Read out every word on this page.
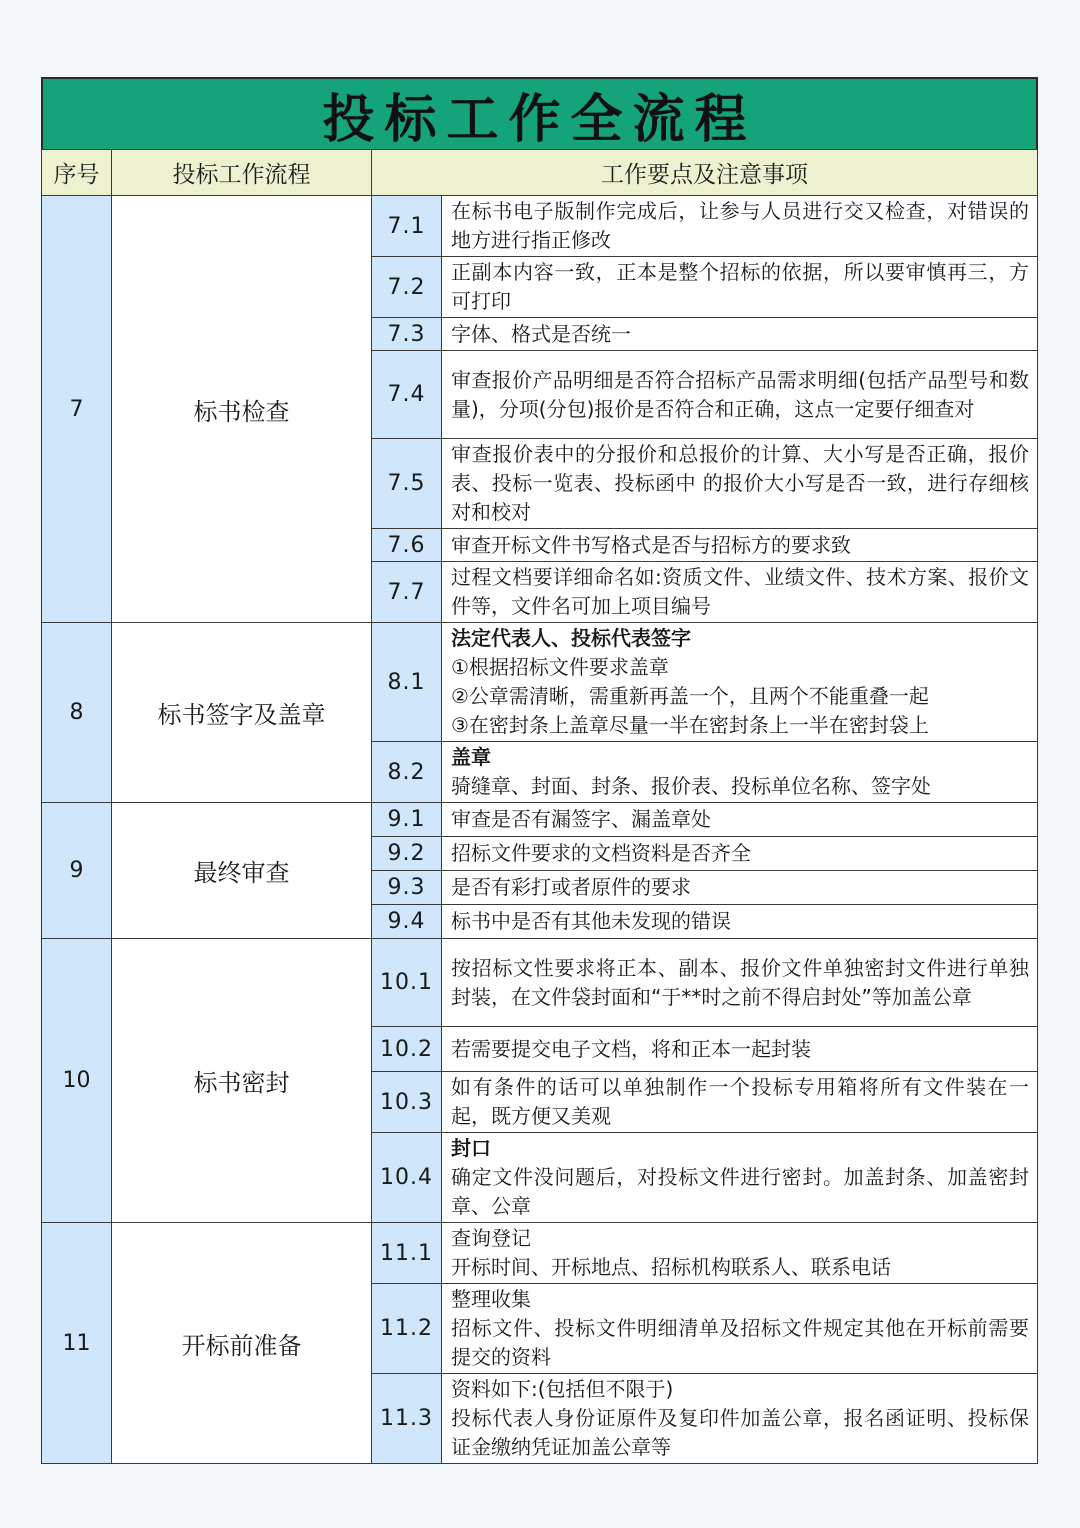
投标工作全流程
序号	投标工作流程	工作要点及注意事项	
7	标书检查	7.1	在标书电子版制作完成后，让参与人员进行交又检查，对错误的地方进行指正修改

		7.2	正副本内容一致，正本是整个招标的依据，所以要审慎再三，方可打印

		7.3	字体、格式是否统一

		7.4	审查报价产品明细是否符合招标产品需求明细(包括产品型号和数量)，分项(分包)报价是否符合和正确，这点一定要仔细查对

		7.5	审查报价表中的分报价和总报价的计算、大小写是否正确，报价表、投标一览表、投标函中 的报价大小写是否一致，进行存细核对和校对

		7.6	审查开标文件书写格式是否与招标方的要求致

		7.7	过程文档要详细命名如:资质文件、业绩文件、技术方案、报价文 件等，文件名可加上项目编号

8	标书签字及盖章	8.1	法定代表人、投标代表签字
①根据招标文件要求盖章
②公章需清晰，需重新再盖一个，且两个不能重叠一起
③在密封条上盖章尽量一半在密封条上一半在密封袋上

		8.2	盖章
骑缝章、封面、封条、报价表、投标单位名称、签字处

9	最终审查	9.1	审查是否有漏签字、漏盖章处

		9.2	招标文件要求的文档资料是否齐全

		9.3	是否有彩打或者原件的要求

		9.4	标书中是否有其他未发现的错误

10	标书密封	10.1	按招标文性要求将正本、副本、报价文件单独密封文件进行单独封装，在文件袋封面和“于**时之前不得启封处”等加盖公章

		10.2	若需要提交电子文档，将和正本一起封装

		10.3	如有条件的话可以单独制作一个投标专用箱将所有文件装在一起，既方便又美观

		10.4	封口
确定文件没问题后，对投标文件进行密封。加盖封条、加盖密封章、公章

11	开标前准备	11.1	查询登记
开标时间、开标地点、招标机构联系人、联系电话

		11.2	整理收集
招标文件、投标文件明细清单及招标文件规定其他在开标前需要提交的资料

		11.3	资料如下:(包括但不限于)
投标代表人身份证原件及复印件加盖公章，报名函证明、投标保证金缴纳凭证加盖公章等
